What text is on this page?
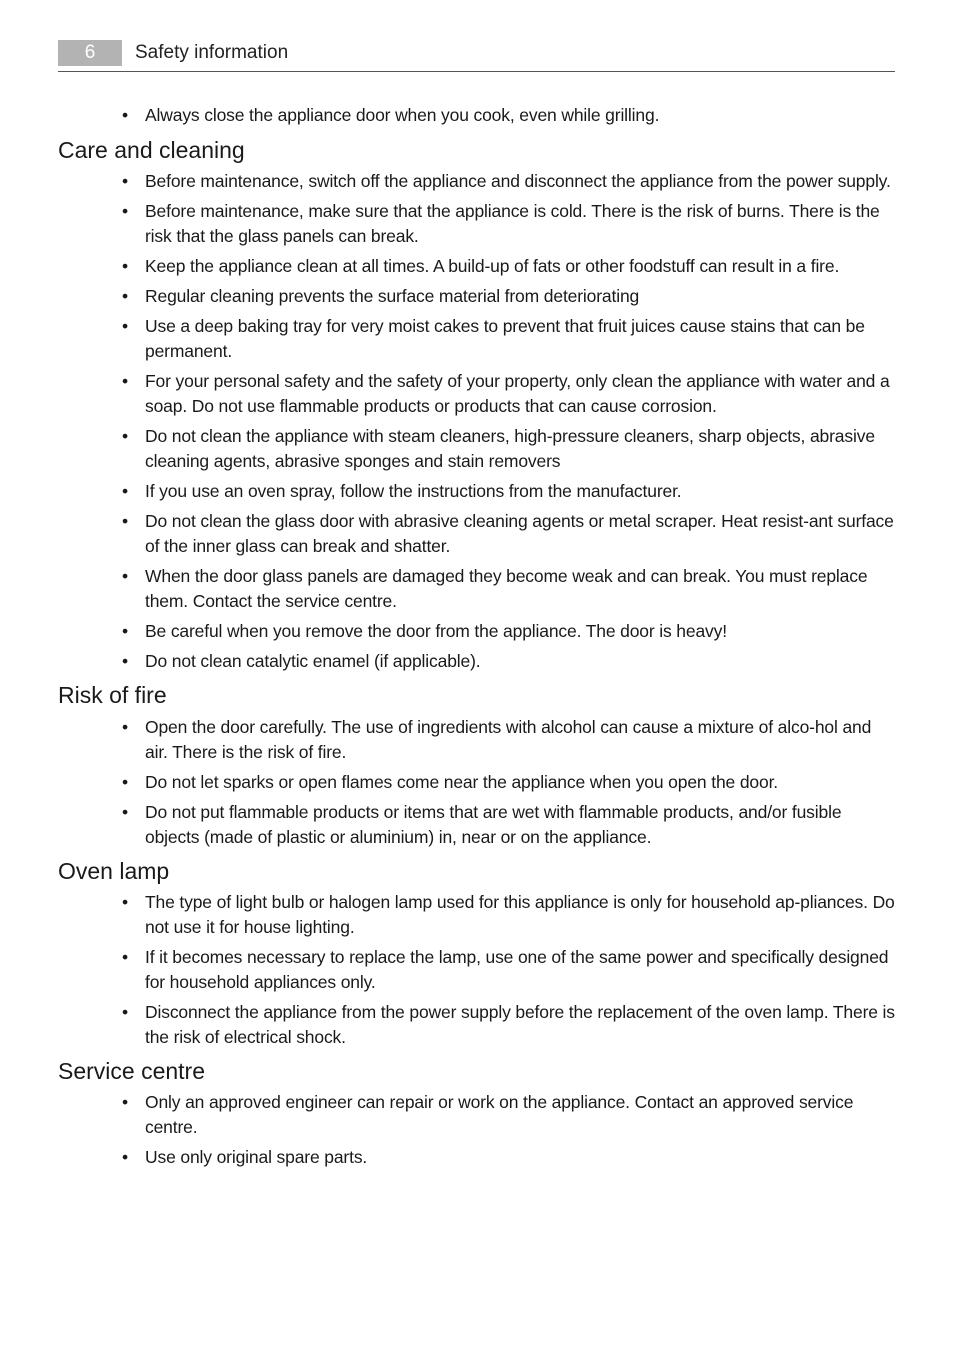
6	Safety information
• Always close the appliance door when you cook, even while grilling.
Care and cleaning
• Before maintenance, switch off the appliance and disconnect the appliance from the power supply.
• Before maintenance, make sure that the appliance is cold. There is the risk of burns. There is the risk that the glass panels can break.
• Keep the appliance clean at all times. A build-up of fats or other foodstuff can result in a fire.
• Regular cleaning prevents the surface material from deteriorating
• Use a deep baking tray for very moist cakes to prevent that fruit juices cause stains that can be permanent.
• For your personal safety and the safety of your property, only clean the appliance with water and a soap. Do not use flammable products or products that can cause corrosion.
• Do not clean the appliance with steam cleaners, high-pressure cleaners, sharp objects, abrasive cleaning agents, abrasive sponges and stain removers
• If you use an oven spray, follow the instructions from the manufacturer.
• Do not clean the glass door with abrasive cleaning agents or metal scraper. Heat resist-ant surface of the inner glass can break and shatter.
• When the door glass panels are damaged they become weak and can break. You must replace them. Contact the service centre.
• Be careful when you remove the door from the appliance. The door is heavy!
• Do not clean catalytic enamel (if applicable).
Risk of fire
• Open the door carefully. The use of ingredients with alcohol can cause a mixture of alco-hol and air. There is the risk of fire.
• Do not let sparks or open flames come near the appliance when you open the door.
• Do not put flammable products or items that are wet with flammable products, and/or fusible objects (made of plastic or aluminium) in, near or on the appliance.
Oven lamp
• The type of light bulb or halogen lamp used for this appliance is only for household ap-pliances. Do not use it for house lighting.
• If it becomes necessary to replace the lamp, use one of the same power and specifically designed for household appliances only.
• Disconnect the appliance from the power supply before the replacement of the oven lamp. There is the risk of electrical shock.
Service centre
• Only an approved engineer can repair or work on the appliance. Contact an approved service centre.
• Use only original spare parts.
